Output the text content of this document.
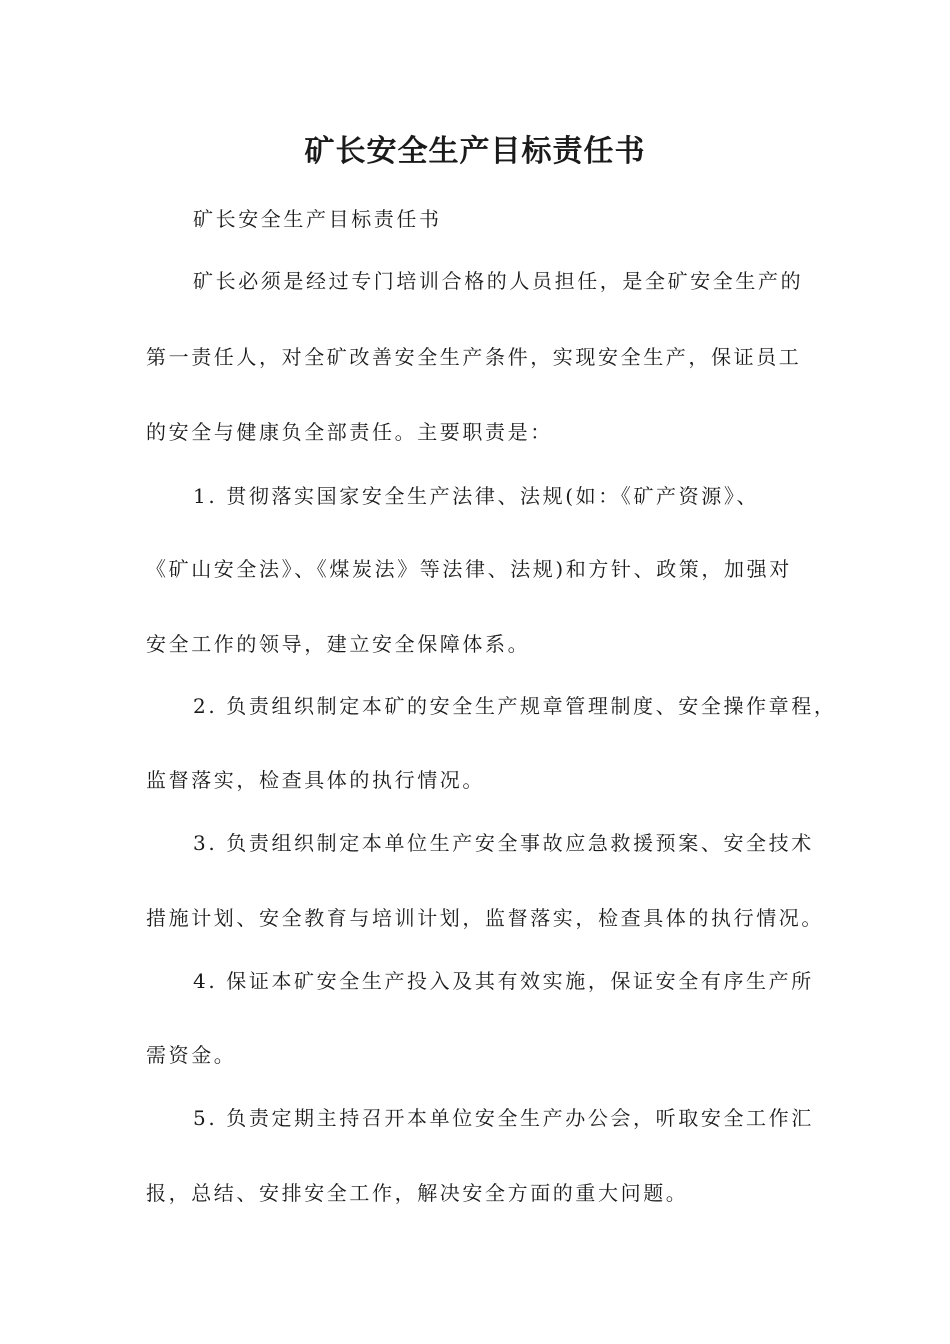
矿长安全生产目标责任书

矿长安全生产目标责任书

矿长必须是经过专门培训合格的人员担任，是全矿安全生产的

第一责任人，对全矿改善安全生产条件，实现安全生产，保证员工

的安全与健康负全部责任。主要职责是：

1. 贯彻落实国家安全生产法律、法规(如：《矿产资源》、

《矿山安全法》、《煤炭法》等法律、法规)和方针、政策，加强对

安全工作的领导，建立安全保障体系。

2. 负责组织制定本矿的安全生产规章管理制度、安全操作章程，

监督落实，检查具体的执行情况。

3. 负责组织制定本单位生产安全事故应急救援预案、安全技术

措施计划、安全教育与培训计划，监督落实，检查具体的执行情况。

4. 保证本矿安全生产投入及其有效实施，保证安全有序生产所

需资金。

5. 负责定期主持召开本单位安全生产办公会，听取安全工作汇

报，总结、安排安全工作，解决安全方面的重大问题。
